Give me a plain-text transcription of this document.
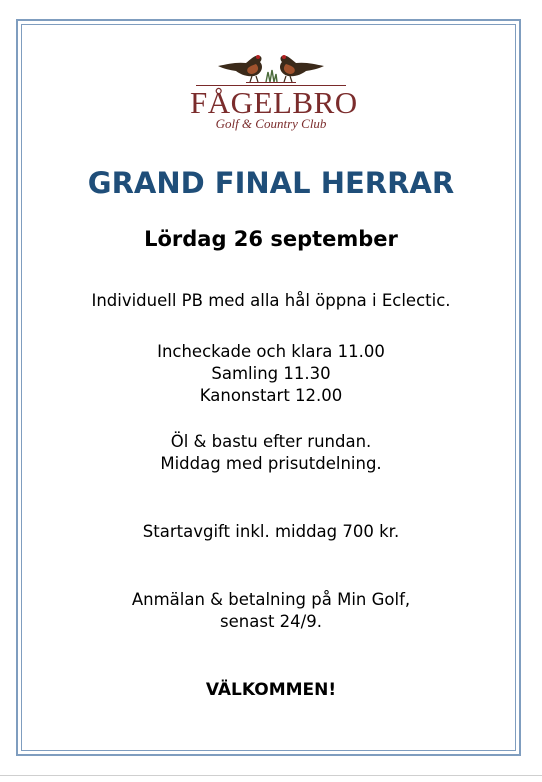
FÅGELBRO
Golf & Country Club
GRAND FINAL HERRAR
Lördag 26 september
Individuell PB med alla hål öppna i Eclectic.
Incheckade och klara 11.00
Samling 11.30
Kanonstart 12.00
Öl & bastu efter rundan.
Middag med prisutdelning.
Startavgift inkl. middag 700 kr.
Anmälan & betalning på Min Golf,
senast 24/9.
VÄLKOMMEN!
